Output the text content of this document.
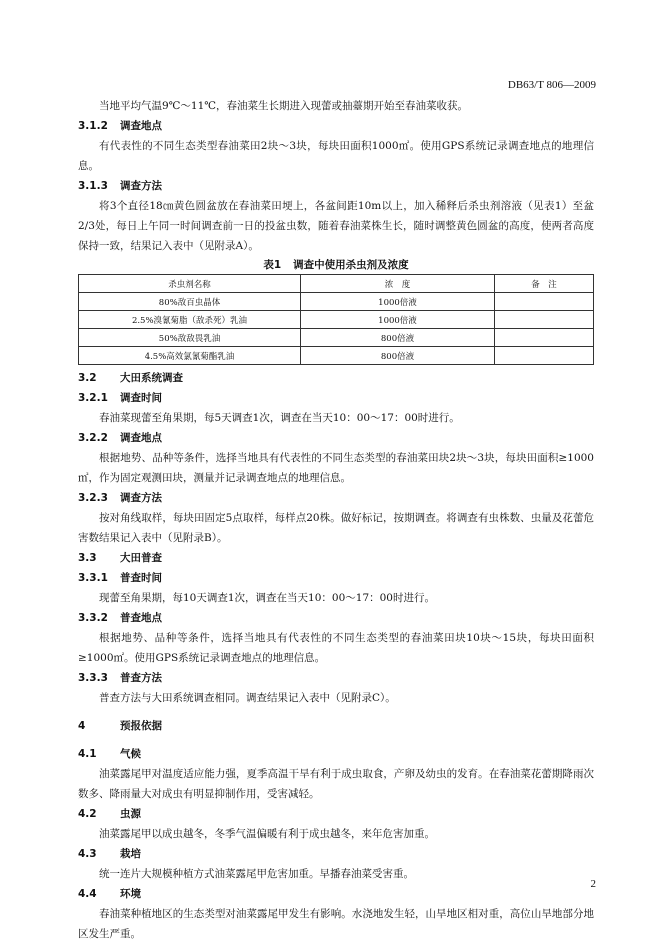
DB63/T 806—2009

当地平均气温9℃～11℃，春油菜生长期进入现蕾或抽薹期开始至春油菜收获。

3.1.2 调查地点

有代表性的不同生态类型春油菜田2块～3块，每块田面积1000㎡。使用GPS系统记录调查地点的地理信息。

3.1.3 调查方法

将3个直径18㎝黄色圆盆放在春油菜田埂上，各盆间距10m以上，加入稀释后杀虫剂溶液（见表1）至盆2/3处，每日上午同一时间调查前一日的投盆虫数，随着春油菜株生长，随时调整黄色圆盆的高度，使两者高度保持一致，结果记入表中（见附录A）。

表1 调查中使用杀虫剂及浓度
杀虫剂名称	浓　度	备　注
80%敌百虫晶体	1000倍液	
2.5%溴氰菊脂（敌杀死）乳油	1000倍液	
50%敌敌畏乳油	800倍液	
4.5%高效氯氰菊酯乳油	800倍液	
3.2 大田系统调查
3.2.1 调查时间

春油菜现蕾至角果期，每5天调查1次，调查在当天10：00～17：00时进行。

3.2.2 调查地点

根据地势、品种等条件，选择当地具有代表性的不同生态类型的春油菜田块2块～3块，每块田面积≥1000㎡，作为固定观测田块，测量并记录调查地点的地理信息。

3.2.3 调查方法

按对角线取样，每块田固定5点取样，每样点20株。做好标记，按期调查。将调查有虫株数、虫量及花蕾危害数结果记入表中（见附录B）。

3.3 大田普查
3.3.1 普查时间

现蕾至角果期，每10天调查1次，调查在当天10：00～17：00时进行。

3.3.2 普查地点

根据地势、品种等条件，选择当地具有代表性的不同生态类型的春油菜田块10块～15块，每块田面积≥1000㎡。使用GPS系统记录调查地点的地理信息。

3.3.3 普查方法

普查方法与大田系统调查相同。调查结果记入表中（见附录C）。

4	预报依据
4.1 气候

油菜露尾甲对温度适应能力强，夏季高温干旱有利于成虫取食，产卵及幼虫的发育。在春油菜花蕾期降雨次数多、降雨量大对成虫有明显抑制作用，受害减轻。

4.2 虫源

油菜露尾甲以成虫越冬，冬季气温偏暖有利于成虫越冬，来年危害加重。

4.3 栽培

统一连片大规模种植方式油菜露尾甲危害加重。早播春油菜受害重。

4.4 环境

春油菜种植地区的生态类型对油菜露尾甲发生有影响。水浇地发生轻，山旱地区相对重，高位山旱地部分地区发生严重。

2
